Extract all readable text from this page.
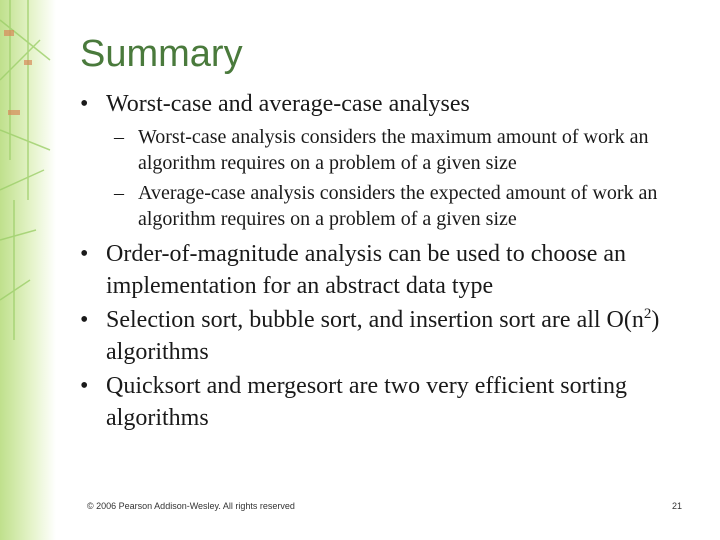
Summary
• Worst-case and average-case analyses
– Worst-case analysis considers the maximum amount of work an algorithm requires on a problem of a given size
– Average-case analysis considers the expected amount of work an algorithm requires on a problem of a given size
• Order-of-magnitude analysis can be used to choose an implementation for an abstract data type
• Selection sort, bubble sort, and insertion sort are all $O(n^2)$ algorithms
• Quicksort and mergesort are two very efficient sorting algorithms
© 2006 Pearson Addison-Wesley. All rights reserved	21
